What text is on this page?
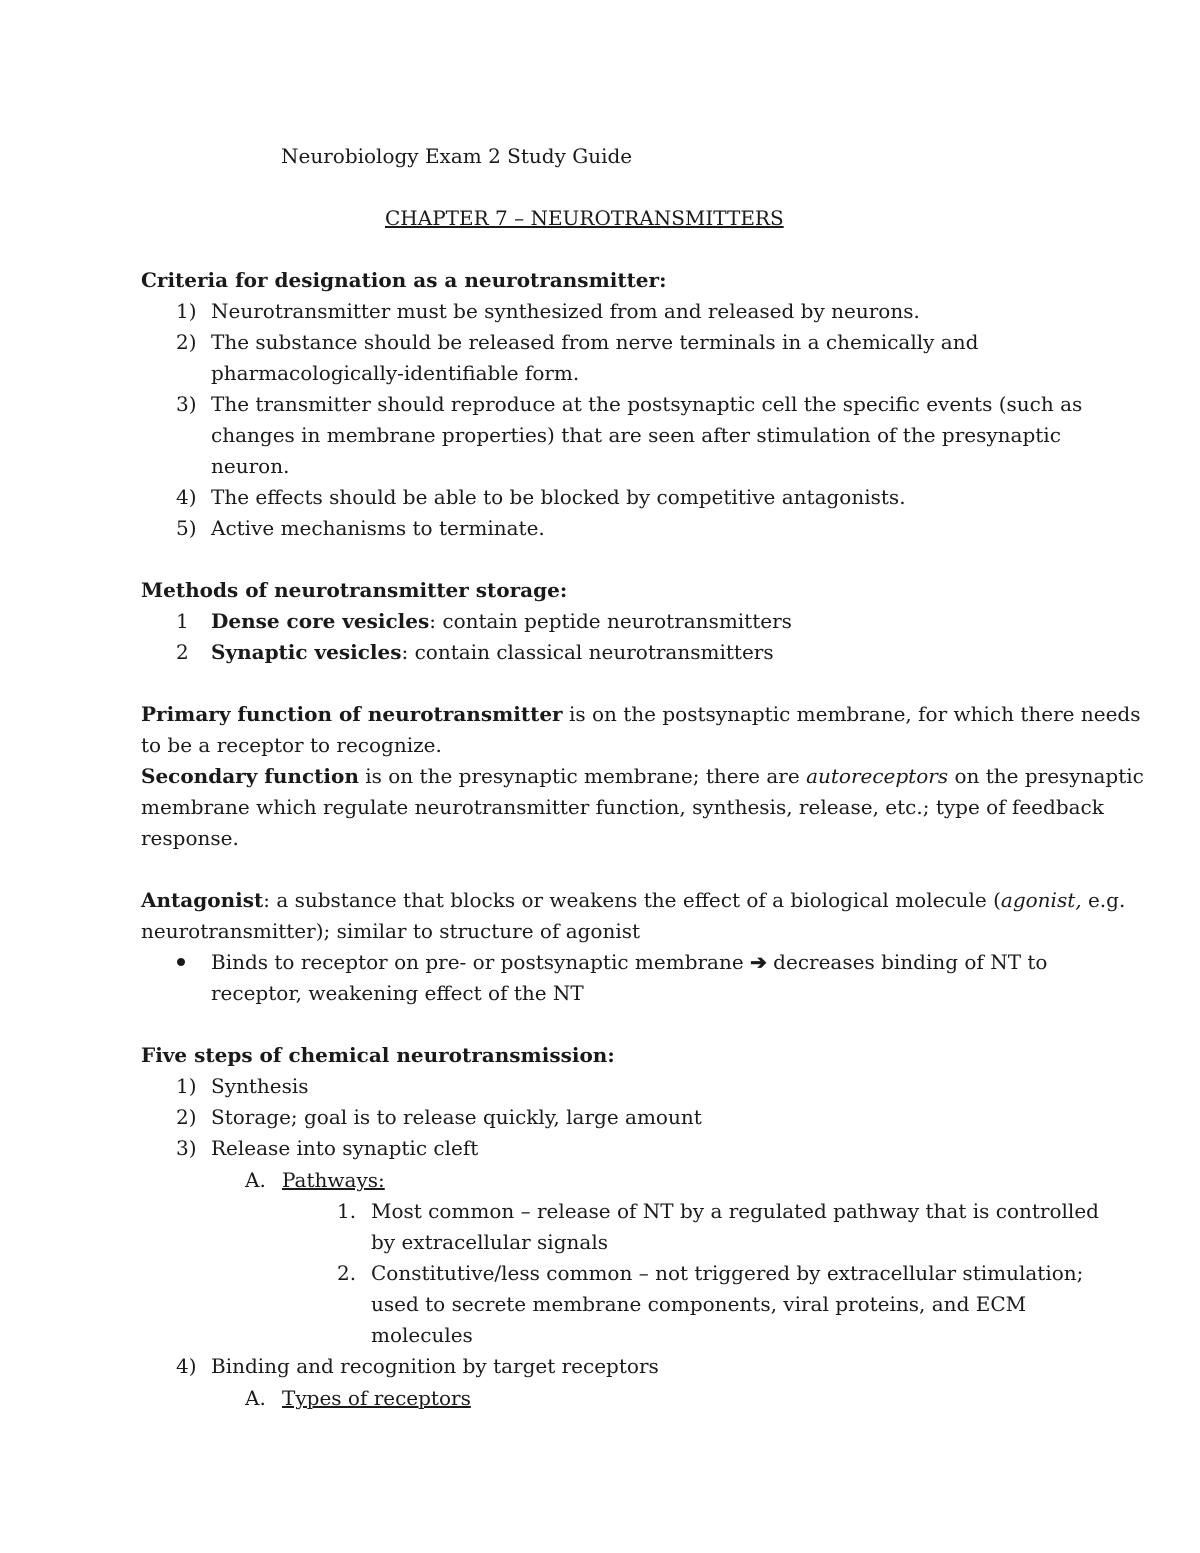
Neurobiology Exam 2 Study Guide
CHAPTER 7 – NEUROTRANSMITTERS
Criteria for designation as a neurotransmitter:
1) Neurotransmitter must be synthesized from and released by neurons.
2) The substance should be released from nerve terminals in a chemically and
pharmacologically-identifiable form.
3) The transmitter should reproduce at the postsynaptic cell the specific events (such as
changes in membrane properties) that are seen after stimulation of the presynaptic
neuron.
4) The effects should be able to be blocked by competitive antagonists.
5) Active mechanisms to terminate.
Methods of neurotransmitter storage:
1 Dense core vesicles: contain peptide neurotransmitters
2 Synaptic vesicles: contain classical neurotransmitters
Primary function of neurotransmitter is on the postsynaptic membrane, for which there needs
to be a receptor to recognize.
Secondary function is on the presynaptic membrane; there are autoreceptors on the presynaptic
membrane which regulate neurotransmitter function, synthesis, release, etc.; type of feedback
response.
Antagonist: a substance that blocks or weakens the effect of a biological molecule (agonist, e.g.
neurotransmitter); similar to structure of agonist
Binds to receptor on pre- or postsynaptic membrane ➔ decreases binding of NT to
receptor, weakening effect of the NT
Five steps of chemical neurotransmission:
1) Synthesis
2) Storage; goal is to release quickly, large amount
3) Release into synaptic cleft
A. Pathways:
1. Most common – release of NT by a regulated pathway that is controlled
by extracellular signals
2. Constitutive/less common – not triggered by extracellular stimulation;
used to secrete membrane components, viral proteins, and ECM
molecules
4) Binding and recognition by target receptors
A. Types of receptors
